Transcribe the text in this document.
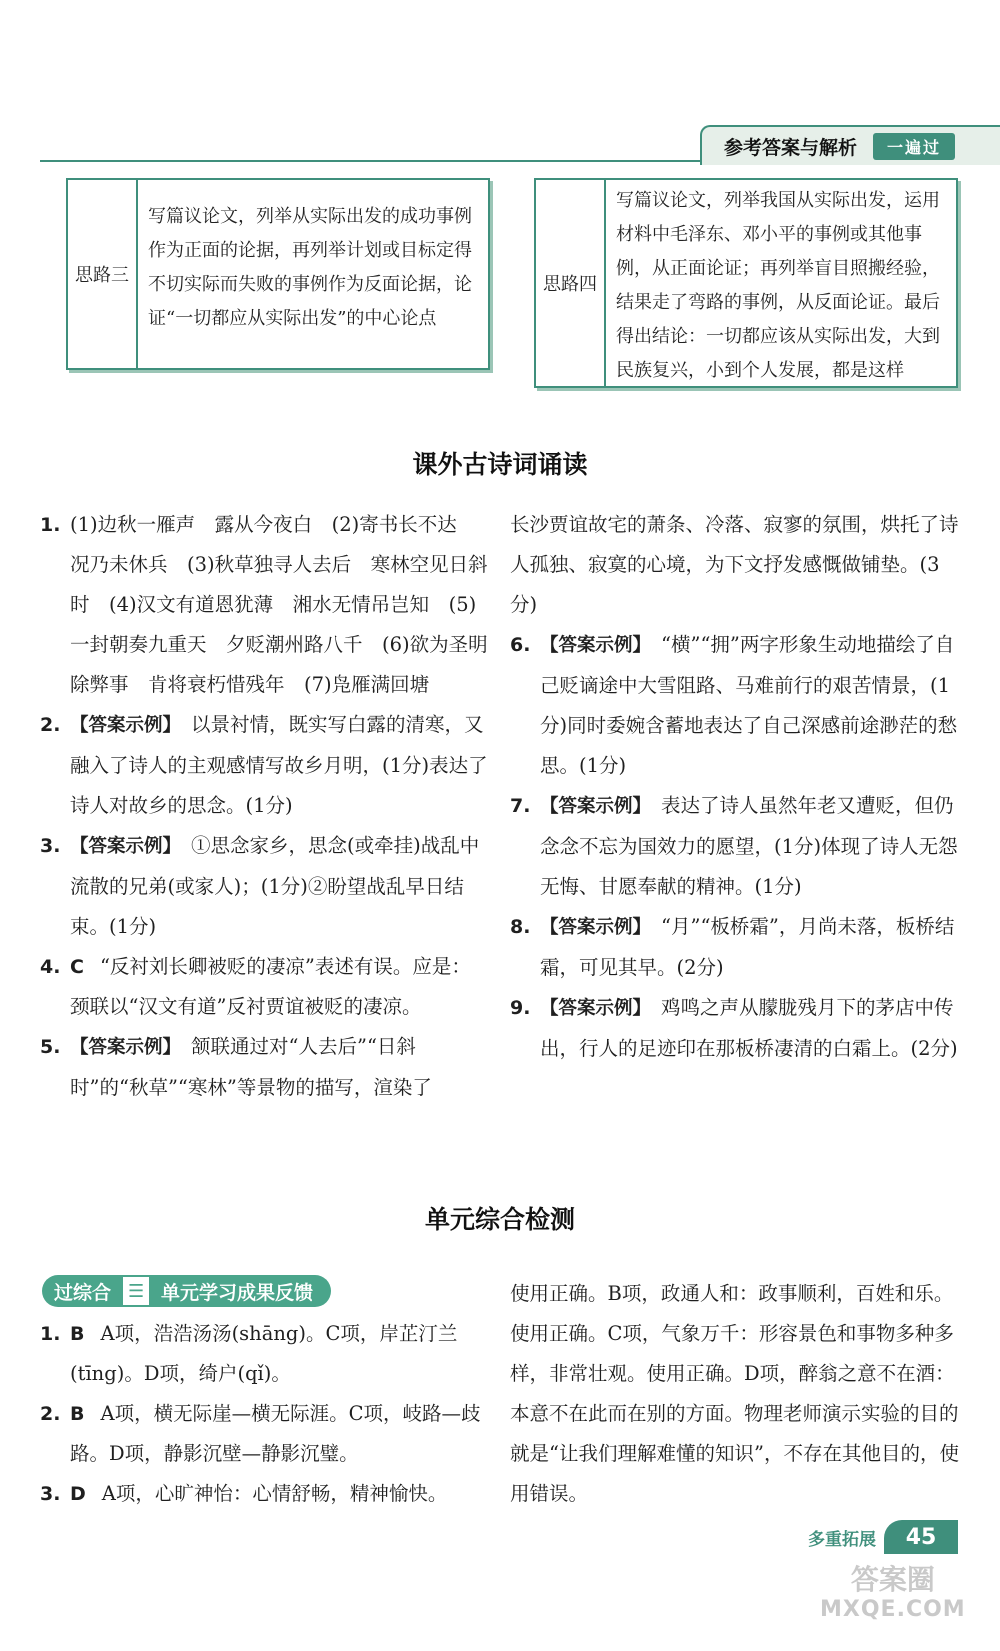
参考答案与解析	一遍过
思路三
写篇议论文，列举从实际出发的成功事例作为正面的论据，再列举计划或目标定得不切实际而失败的事例作为反面论据，论证“一切都应从实际出发”的中心论点
思路四
写篇议论文，列举我国从实际出发，运用材料中毛泽东、邓小平的事例或其他事例，从正面论证；再列举盲目照搬经验，结果走了弯路的事例，从反面论证。最后得出结论：一切都应该从实际出发，大到民族复兴，小到个人发展，都是这样
课外古诗词诵读
1. (1)边秋一雁声　露从今夜白　(2)寄书长不达　况乃未休兵　(3)秋草独寻人去后　寒林空见日斜时　(4)汉文有道恩犹薄　湘水无情吊岂知　(5)一封朝奏九重天　夕贬潮州路八千　(6)欲为圣明除弊事　肯将衰朽惜残年　(7)凫雁满回塘
2. 【答案示例】 以景衬情，既实写白露的清寒，又融入了诗人的主观感情写故乡月明，(1分)表达了诗人对故乡的思念。(1分)
3. 【答案示例】 ①思念家乡，思念(或牵挂)战乱中流散的兄弟(或家人)；(1分)②盼望战乱早日结束。(1分)
4. C “反衬刘长卿被贬的凄凉”表述有误。应是：颈联以“汉文有道”反衬贾谊被贬的凄凉。
5. 【答案示例】 颔联通过对“人去后”“日斜时”的“秋草”“寒林”等景物的描写，渲染了
长沙贾谊故宅的萧条、冷落、寂寥的氛围，烘托了诗人孤独、寂寞的心境，为下文抒发感慨做铺垫。(3分)
6. 【答案示例】 “横”“拥”两字形象生动地描绘了自己贬谪途中大雪阻路、马难前行的艰苦情景，(1分)同时委婉含蓄地表达了自己深感前途渺茫的愁思。(1分)
7. 【答案示例】 表达了诗人虽然年老又遭贬，但仍念念不忘为国效力的愿望，(1分)体现了诗人无怨无悔、甘愿奉献的精神。(1分)
8. 【答案示例】 “月”“板桥霜”，月尚未落，板桥结霜，可见其早。(2分)
9. 【答案示例】 鸡鸣之声从朦胧残月下的茅店中传出，行人的足迹印在那板桥凄清的白霜上。(2分)
单元综合检测
过综合 ☰ 单元学习成果反馈
1. B A项，浩浩汤汤(shāng)。C项，岸芷汀兰(tīng)。D项，绮户(qǐ)。
2. B A项，横无际崖—横无际涯。C项，岐路—歧路。D项，静影沉壁—静影沉璧。
3. D A项，心旷神怡：心情舒畅，精神愉快。
使用正确。B项，政通人和：政事顺利，百姓和乐。使用正确。C项，气象万千：形容景色和事物多种多样，非常壮观。使用正确。D项，醉翁之意不在酒：本意不在此而在别的方面。物理老师演示实验的目的就是“让我们理解难懂的知识”，不存在其他目的，使用错误。
多重拓展	45
答案圈
MXQE.COM
